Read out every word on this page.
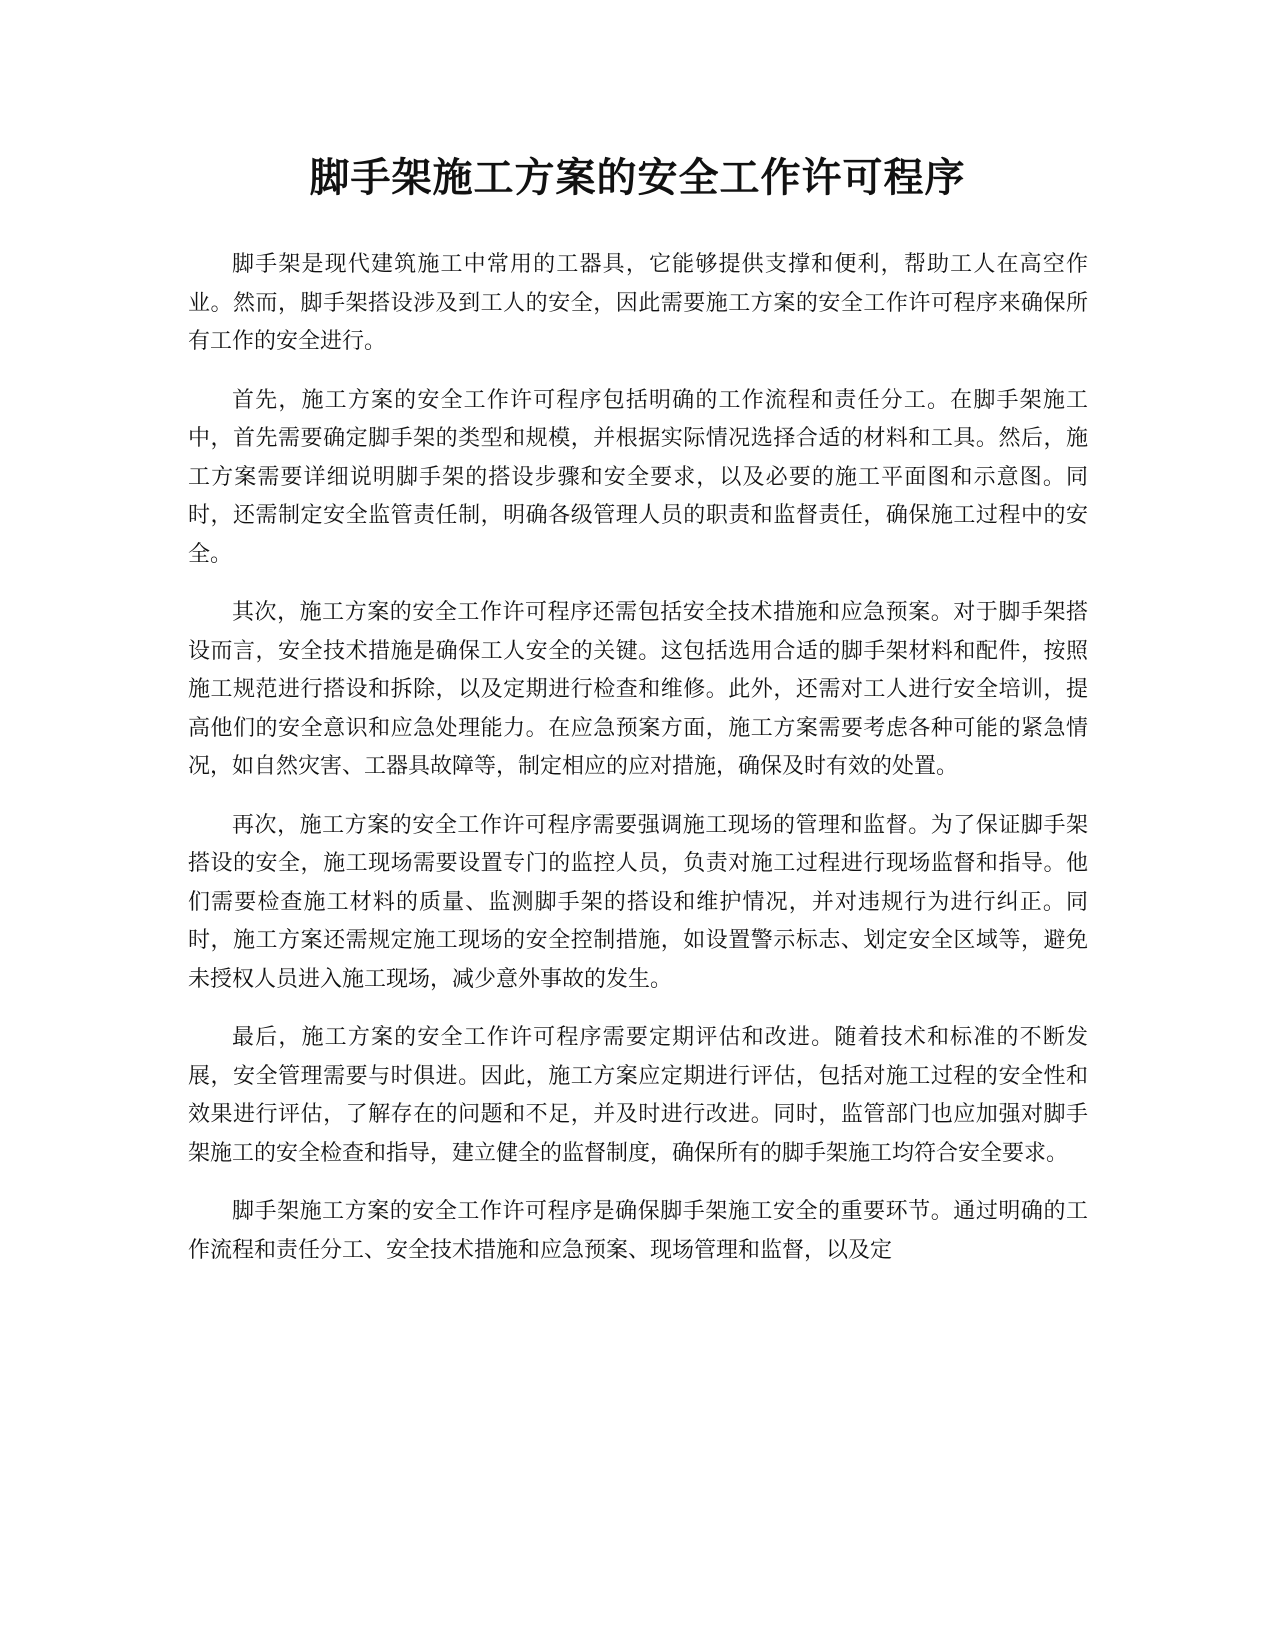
脚手架施工方案的安全工作许可程序

脚手架是现代建筑施工中常用的工器具，它能够提供支撑和便利，帮助工人在高空作业。然而，脚手架搭设涉及到工人的安全，因此需要施工方案的安全工作许可程序来确保所有工作的安全进行。

首先，施工方案的安全工作许可程序包括明确的工作流程和责任分工。在脚手架施工中，首先需要确定脚手架的类型和规模，并根据实际情况选择合适的材料和工具。然后，施工方案需要详细说明脚手架的搭设步骤和安全要求，以及必要的施工平面图和示意图。同时，还需制定安全监管责任制，明确各级管理人员的职责和监督责任，确保施工过程中的安全。

其次，施工方案的安全工作许可程序还需包括安全技术措施和应急预案。对于脚手架搭设而言，安全技术措施是确保工人安全的关键。这包括选用合适的脚手架材料和配件，按照施工规范进行搭设和拆除，以及定期进行检查和维修。此外，还需对工人进行安全培训，提高他们的安全意识和应急处理能力。在应急预案方面，施工方案需要考虑各种可能的紧急情况，如自然灾害、工器具故障等，制定相应的应对措施，确保及时有效的处置。

再次，施工方案的安全工作许可程序需要强调施工现场的管理和监督。为了保证脚手架搭设的安全，施工现场需要设置专门的监控人员，负责对施工过程进行现场监督和指导。他们需要检查施工材料的质量、监测脚手架的搭设和维护情况，并对违规行为进行纠正。同时，施工方案还需规定施工现场的安全控制措施，如设置警示标志、划定安全区域等，避免未授权人员进入施工现场，减少意外事故的发生。

最后，施工方案的安全工作许可程序需要定期评估和改进。随着技术和标准的不断发展，安全管理需要与时俱进。因此，施工方案应定期进行评估，包括对施工过程的安全性和效果进行评估，了解存在的问题和不足，并及时进行改进。同时，监管部门也应加强对脚手架施工的安全检查和指导，建立健全的监督制度，确保所有的脚手架施工均符合安全要求。

脚手架施工方案的安全工作许可程序是确保脚手架施工安全的重要环节。通过明确的工作流程和责任分工、安全技术措施和应急预案、现场管理和监督，以及定
